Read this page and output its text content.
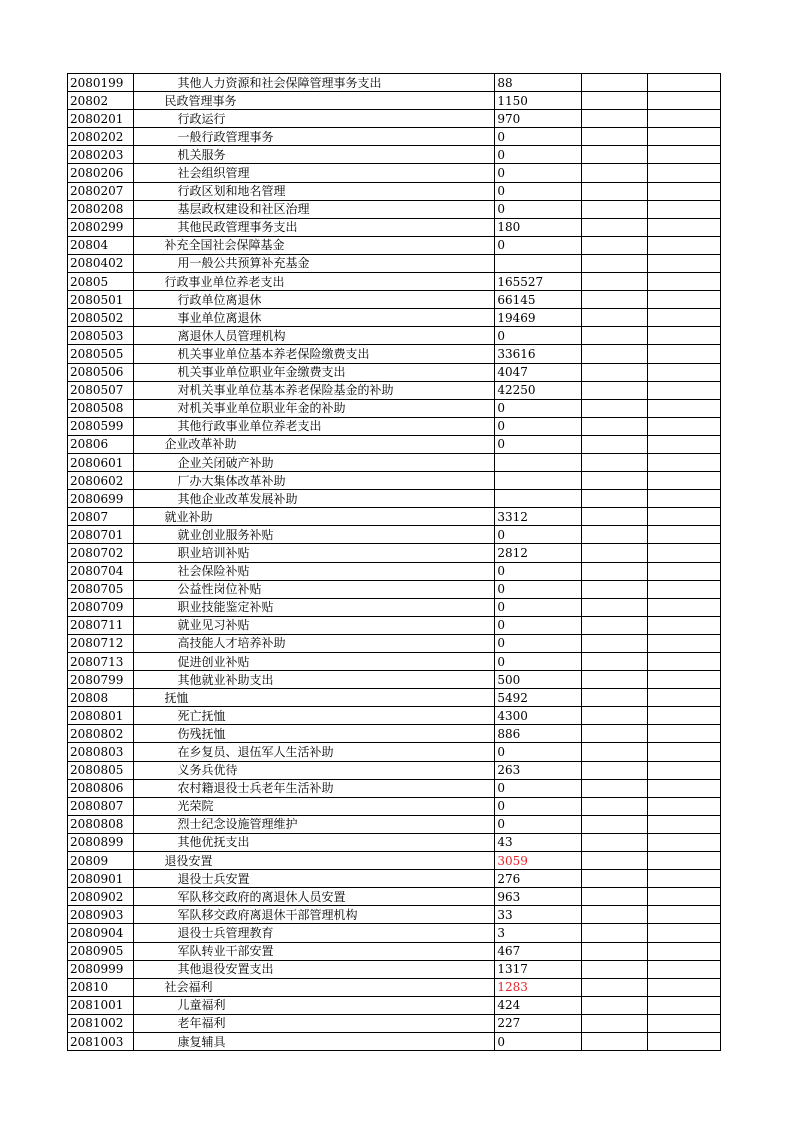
2080199	其他人力资源和社会保障管理事务支出	88		
20802	民政管理事务	1150		
2080201	行政运行	970		
2080202	一般行政管理事务	0		
2080203	机关服务	0		
2080206	社会组织管理	0		
2080207	行政区划和地名管理	0		
2080208	基层政权建设和社区治理	0		
2080299	其他民政管理事务支出	180		
20804	补充全国社会保障基金	0		
2080402	用一般公共预算补充基金			
20805	行政事业单位养老支出	165527		
2080501	行政单位离退休	66145		
2080502	事业单位离退休	19469		
2080503	离退休人员管理机构	0		
2080505	机关事业单位基本养老保险缴费支出	33616		
2080506	机关事业单位职业年金缴费支出	4047		
2080507	对机关事业单位基本养老保险基金的补助	42250		
2080508	对机关事业单位职业年金的补助	0		
2080599	其他行政事业单位养老支出	0		
20806	企业改革补助	0		
2080601	企业关闭破产补助			
2080602	厂办大集体改革补助			
2080699	其他企业改革发展补助			
20807	就业补助	3312		
2080701	就业创业服务补贴	0		
2080702	职业培训补贴	2812		
2080704	社会保险补贴	0		
2080705	公益性岗位补贴	0		
2080709	职业技能鉴定补贴	0		
2080711	就业见习补贴	0		
2080712	高技能人才培养补助	0		
2080713	促进创业补贴	0		
2080799	其他就业补助支出	500		
20808	抚恤	5492		
2080801	死亡抚恤	4300		
2080802	伤残抚恤	886		
2080803	在乡复员、退伍军人生活补助	0		
2080805	义务兵优待	263		
2080806	农村籍退役士兵老年生活补助	0		
2080807	光荣院	0		
2080808	烈士纪念设施管理维护	0		
2080899	其他优抚支出	43		
20809	退役安置	3059		
2080901	退役士兵安置	276		
2080902	军队移交政府的离退休人员安置	963		
2080903	军队移交政府离退休干部管理机构	33		
2080904	退役士兵管理教育	3		
2080905	军队转业干部安置	467		
2080999	其他退役安置支出	1317		
20810	社会福利	1283		
2081001	儿童福利	424		
2081002	老年福利	227		
2081003	康复辅具	0		
